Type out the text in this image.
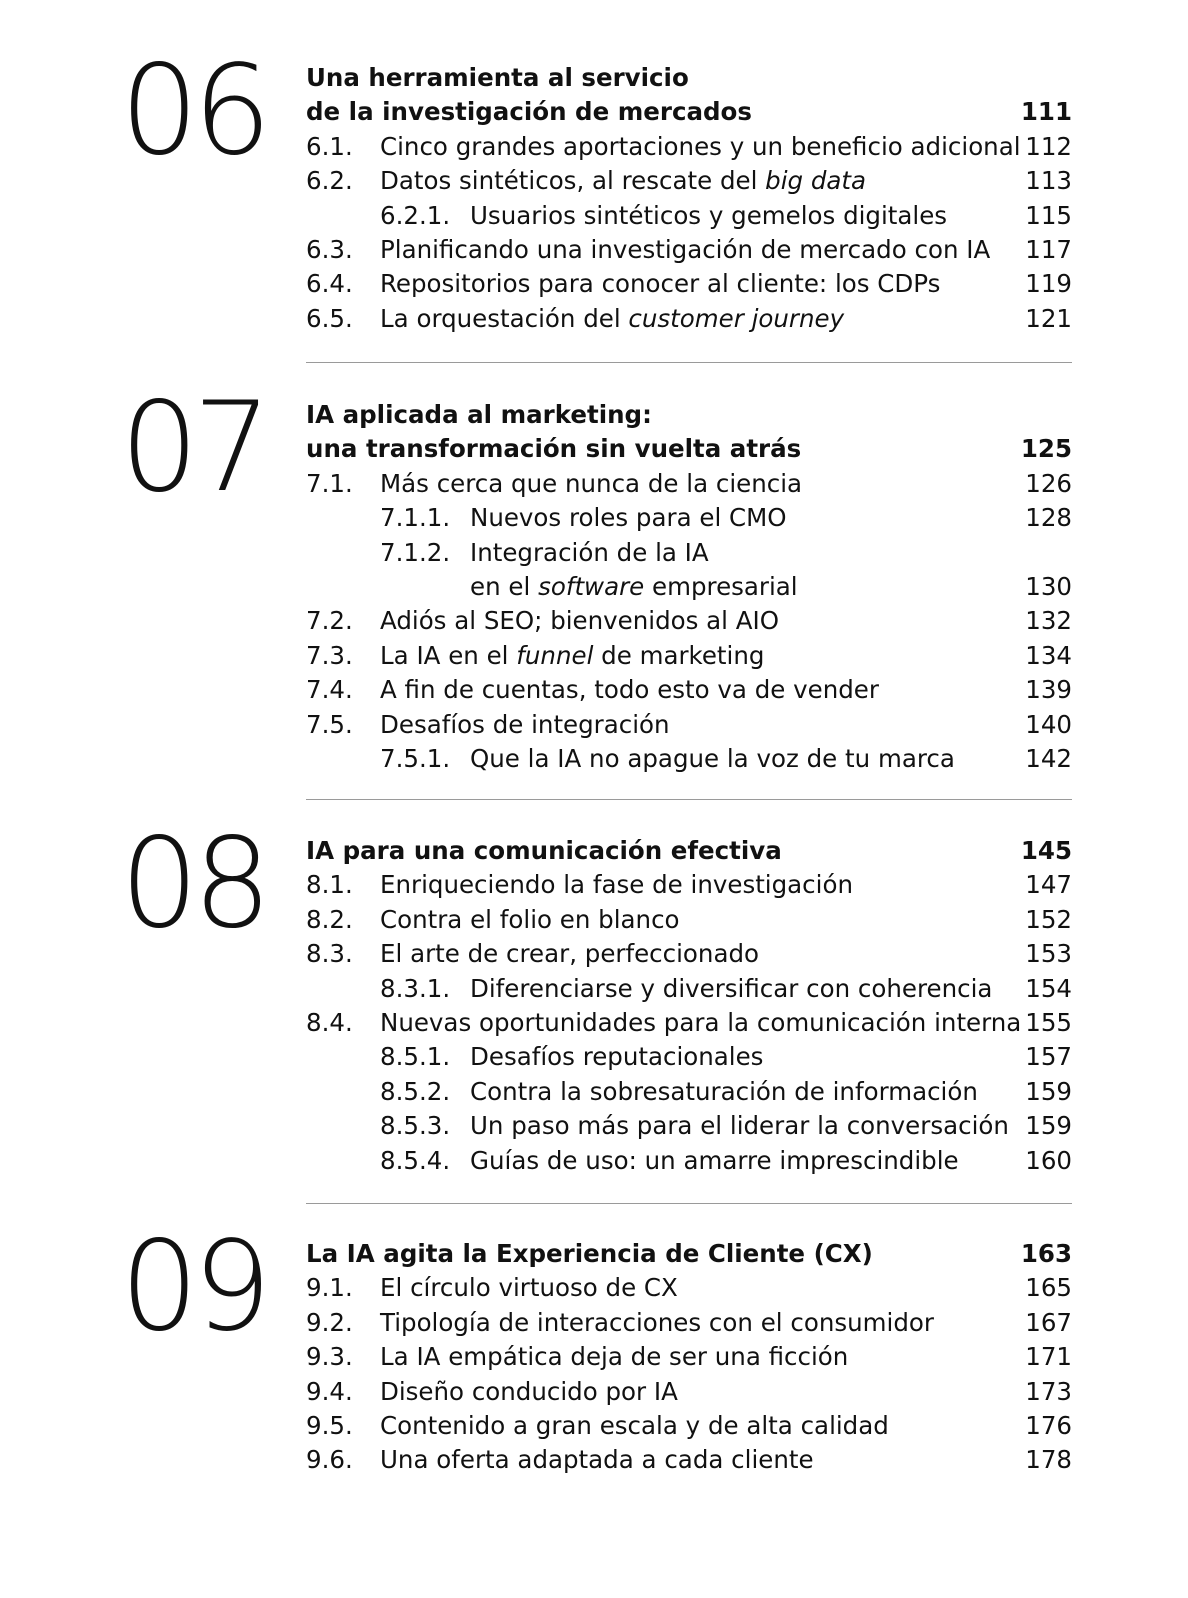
06 Una herramienta al servicio
de la investigación de mercados	111
6.1. Cinco grandes aportaciones y un beneficio adicional 112
6.2. Datos sintéticos, al rescate del big data	113
6.2.1. Usuarios sintéticos y gemelos digitales	115
6.3. Planificando una investigación de mercado con IA 117
6.4. Repositorios para conocer al cliente: los CDPs	119
6.5. La orquestación del customer journey	121
07 IA aplicada al marketing:
una transformación sin vuelta atrás	125
7.1. Más cerca que nunca de la ciencia	126
7.1.1. Nuevos roles para el CMO	128
7.1.2. Integración de la IA
en el software empresarial	130
7.2. Adiós al SEO; bienvenidos al AIO	132
7.3. La IA en el funnel de marketing	134
7.4. A fin de cuentas, todo esto va de vender	139
7.5. Desafíos de integración	140
7.5.1. Que la IA no apague la voz de tu marca	142
08 IA para una comunicación efectiva	145
8.1. Enriqueciendo la fase de investigación	147
8.2. Contra el folio en blanco	152
8.3. El arte de crear, perfeccionado	153
8.3.1. Diferenciarse y diversificar con coherencia 154
8.4. Nuevas oportunidades para la comunicación interna 155
8.5.1. Desafíos reputacionales	157
8.5.2. Contra la sobresaturación de información 159
8.5.3. Un paso más para el liderar la conversación 159
8.5.4. Guías de uso: un amarre imprescindible	160
09 La IA agita la Experiencia de Cliente (CX)	163
9.1. El círculo virtuoso de CX	165
9.2. Tipología de interacciones con el consumidor	167
9.3. La IA empática deja de ser una ficción	171
9.4. Diseño conducido por IA	173
9.5. Contenido a gran escala y de alta calidad	176
9.6. Una oferta adaptada a cada cliente	178
